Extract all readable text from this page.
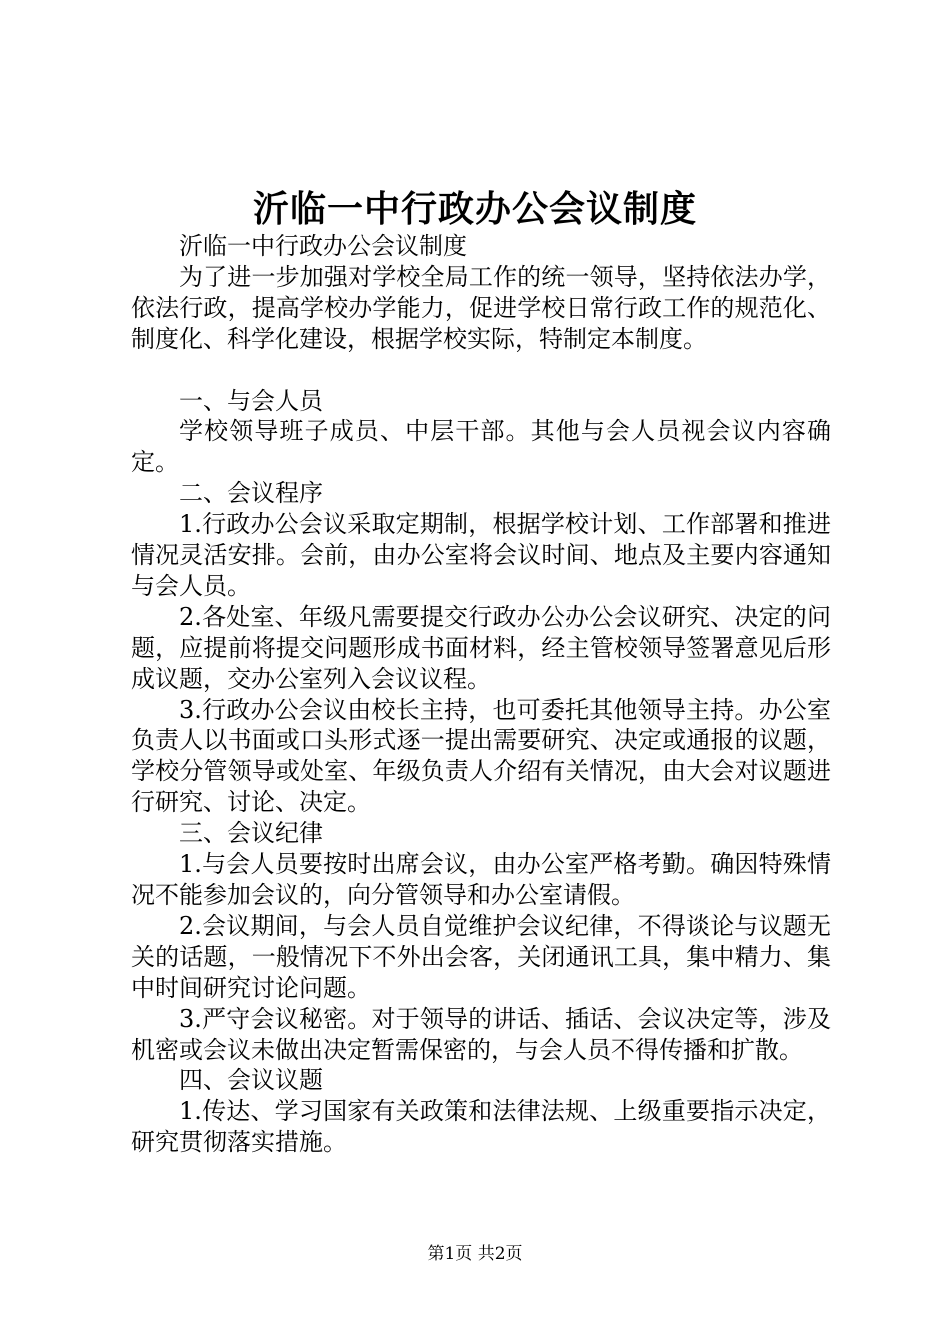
沂临一中行政办公会议制度

沂临一中行政办公会议制度

为了进一步加强对学校全局工作的统一领导，坚持依法办学，依法行政，提高学校办学能力，促进学校日常行政工作的规范化、制度化、科学化建设，根据学校实际，特制定本制度。

一、与会人员

学校领导班子成员、中层干部。其他与会人员视会议内容确定。

二、会议程序

1.行政办公会议采取定期制，根据学校计划、工作部署和推进情况灵活安排。会前，由办公室将会议时间、地点及主要内容通知与会人员。

2.各处室、年级凡需要提交行政办公办公会议研究、决定的问题，应提前将提交问题形成书面材料，经主管校领导签署意见后形成议题，交办公室列入会议议程。

3.行政办公会议由校长主持，也可委托其他领导主持。办公室负责人以书面或口头形式逐一提出需要研究、决定或通报的议题，学校分管领导或处室、年级负责人介绍有关情况，由大会对议题进行研究、讨论、决定。

三、会议纪律

1.与会人员要按时出席会议，由办公室严格考勤。确因特殊情况不能参加会议的，向分管领导和办公室请假。

2.会议期间，与会人员自觉维护会议纪律，不得谈论与议题无关的话题，一般情况下不外出会客，关闭通讯工具，集中精力、集中时间研究讨论问题。

3.严守会议秘密。对于领导的讲话、插话、会议决定等，涉及机密或会议未做出决定暂需保密的，与会人员不得传播和扩散。

四、会议议题

1.传达、学习国家有关政策和法律法规、上级重要指示决定，研究贯彻落实措施。

第1页 共2页
